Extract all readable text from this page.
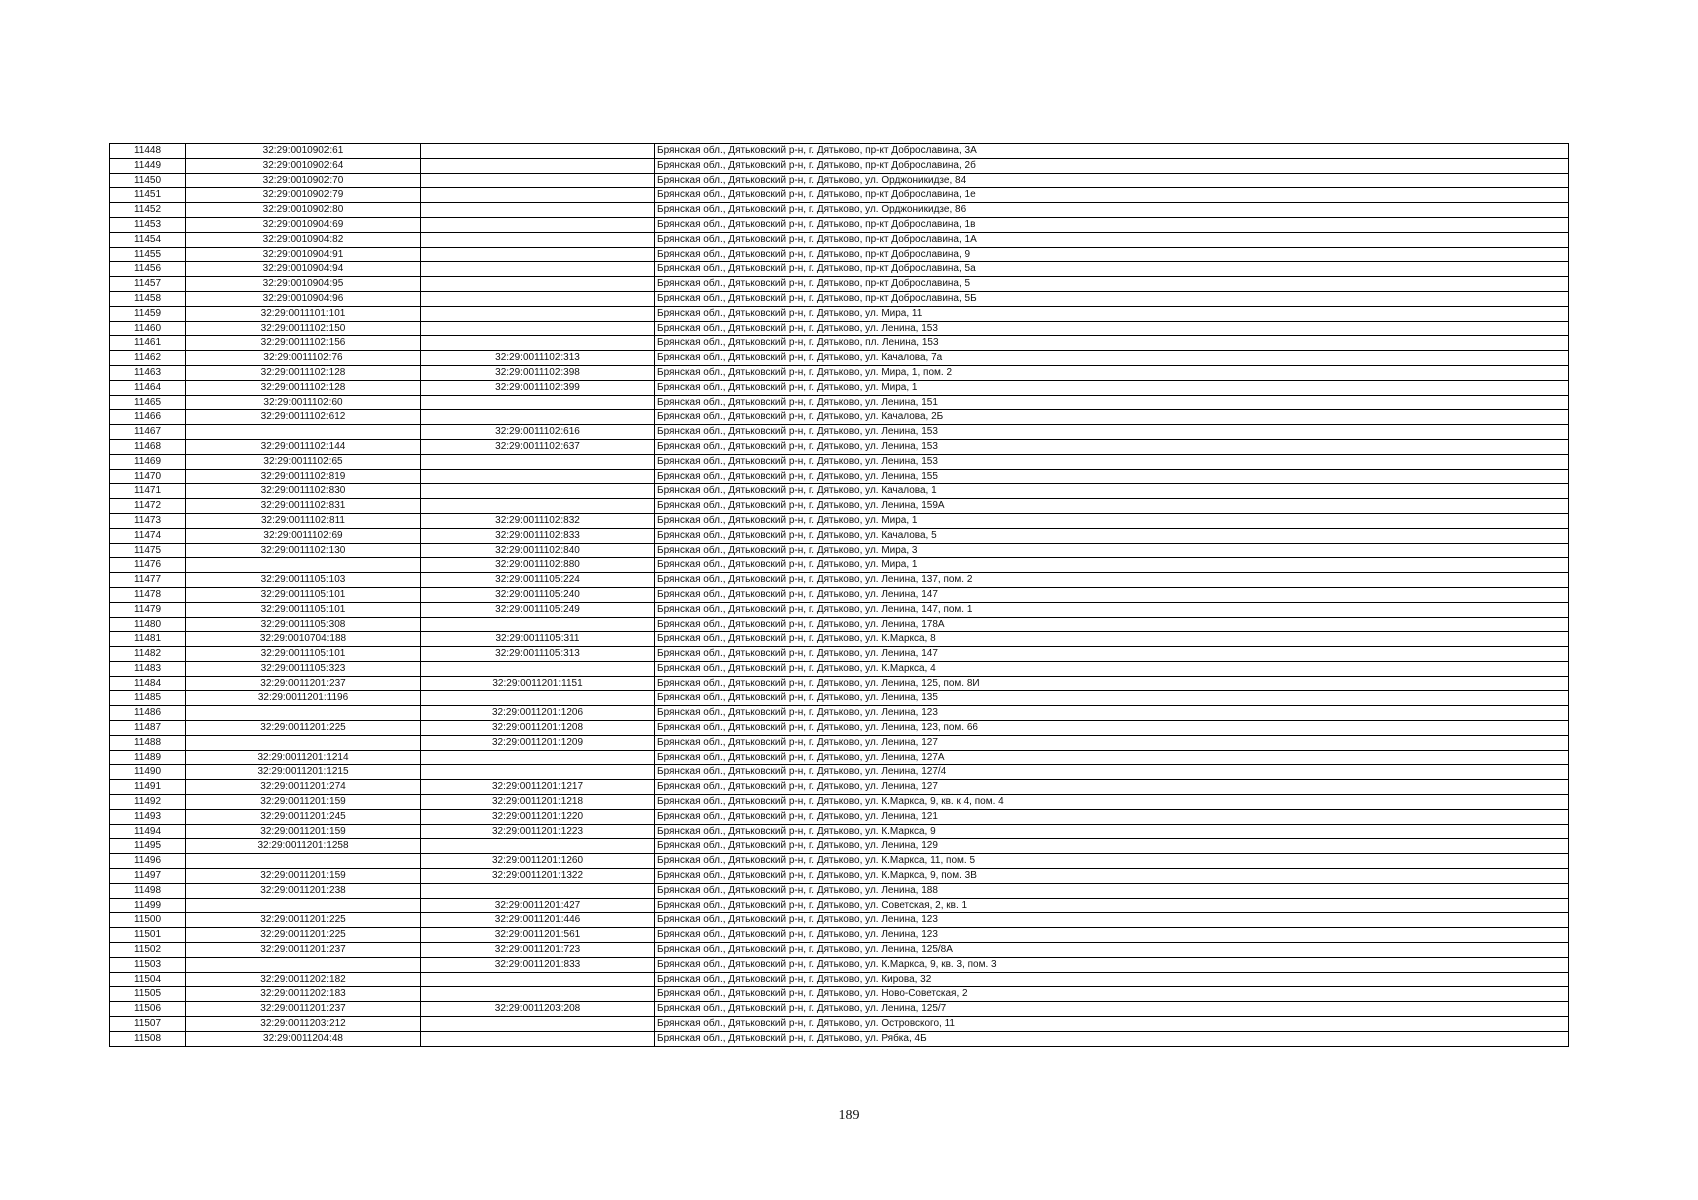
11448	32:29:0010902:61		Брянская обл., Дятьковский р-н, г. Дятьково, пр-кт Доброславина, 3А
11449	32:29:0010902:64		Брянская обл., Дятьковский р-н, г. Дятьково, пр-кт Доброславина, 2б
11450	32:29:0010902:70		Брянская обл., Дятьковский р-н, г. Дятьково, ул. Орджоникидзе, 84
11451	32:29:0010902:79		Брянская обл., Дятьковский р-н, г. Дятьково, пр-кт Доброславина, 1е
11452	32:29:0010902:80		Брянская обл., Дятьковский р-н, г. Дятьково, ул. Орджоникидзе, 86
11453	32:29:0010904:69		Брянская обл., Дятьковский р-н, г. Дятьково, пр-кт Доброславина, 1в
11454	32:29:0010904:82		Брянская обл., Дятьковский р-н, г. Дятьково, пр-кт Доброславина, 1А
11455	32:29:0010904:91		Брянская обл., Дятьковский р-н, г. Дятьково, пр-кт Доброславина, 9
11456	32:29:0010904:94		Брянская обл., Дятьковский р-н, г. Дятьково, пр-кт Доброславина, 5а
11457	32:29:0010904:95		Брянская обл., Дятьковский р-н, г. Дятьково, пр-кт Доброславина, 5
11458	32:29:0010904:96		Брянская обл., Дятьковский р-н, г. Дятьково, пр-кт Доброславина, 5Б
11459	32:29:0011101:101		Брянская обл., Дятьковский р-н, г. Дятьково, ул. Мира, 11
11460	32:29:0011102:150		Брянская обл., Дятьковский р-н, г. Дятьково, ул. Ленина, 153
11461	32:29:0011102:156		Брянская обл., Дятьковский р-н, г. Дятьково, пл. Ленина, 153
11462	32:29:0011102:76	32:29:0011102:313	Брянская обл., Дятьковский р-н, г. Дятьково, ул. Качалова, 7а
11463	32:29:0011102:128	32:29:0011102:398	Брянская обл., Дятьковский р-н, г. Дятьково, ул. Мира, 1, пом. 2
11464	32:29:0011102:128	32:29:0011102:399	Брянская обл., Дятьковский р-н, г. Дятьково, ул. Мира, 1
11465	32:29:0011102:60		Брянская обл., Дятьковский р-н, г. Дятьково, ул. Ленина, 151
11466	32:29:0011102:612		Брянская обл., Дятьковский р-н, г. Дятьково, ул. Качалова, 2Б
11467		32:29:0011102:616	Брянская обл., Дятьковский р-н, г. Дятьково, ул. Ленина, 153
11468	32:29:0011102:144	32:29:0011102:637	Брянская обл., Дятьковский р-н, г. Дятьково, ул. Ленина, 153
11469	32:29:0011102:65		Брянская обл., Дятьковский р-н, г. Дятьково, ул. Ленина, 153
11470	32:29:0011102:819		Брянская обл., Дятьковский р-н, г. Дятьково, ул. Ленина, 155
11471	32:29:0011102:830		Брянская обл., Дятьковский р-н, г. Дятьково, ул. Качалова, 1
11472	32:29:0011102:831		Брянская обл., Дятьковский р-н, г. Дятьково, ул. Ленина, 159А
11473	32:29:0011102:811	32:29:0011102:832	Брянская обл., Дятьковский р-н, г. Дятьково, ул. Мира, 1
11474	32:29:0011102:69	32:29:0011102:833	Брянская обл., Дятьковский р-н, г. Дятьково, ул. Качалова, 5
11475	32:29:0011102:130	32:29:0011102:840	Брянская обл., Дятьковский р-н, г. Дятьково, ул. Мира, 3
11476		32:29:0011102:880	Брянская обл., Дятьковский р-н, г. Дятьково, ул. Мира, 1
11477	32:29:0011105:103	32:29:0011105:224	Брянская обл., Дятьковский р-н, г. Дятьково, ул. Ленина, 137, пом. 2
11478	32:29:0011105:101	32:29:0011105:240	Брянская обл., Дятьковский р-н, г. Дятьково, ул. Ленина, 147
11479	32:29:0011105:101	32:29:0011105:249	Брянская обл., Дятьковский р-н, г. Дятьково, ул. Ленина, 147, пом. 1
11480	32:29:0011105:308		Брянская обл., Дятьковский р-н, г. Дятьково, ул. Ленина, 178А
11481	32:29:0010704:188	32:29:0011105:311	Брянская обл., Дятьковский р-н, г. Дятьково, ул. К.Маркса, 8
11482	32:29:0011105:101	32:29:0011105:313	Брянская обл., Дятьковский р-н, г. Дятьково, ул. Ленина, 147
11483	32:29:0011105:323		Брянская обл., Дятьковский р-н, г. Дятьково, ул. К.Маркса, 4
11484	32:29:0011201:237	32:29:0011201:1151	Брянская обл., Дятьковский р-н, г. Дятьково, ул. Ленина, 125, пом. 8И
11485	32:29:0011201:1196		Брянская обл., Дятьковский р-н, г. Дятьково, ул. Ленина, 135
11486		32:29:0011201:1206	Брянская обл., Дятьковский р-н, г. Дятьково, ул. Ленина, 123
11487	32:29:0011201:225	32:29:0011201:1208	Брянская обл., Дятьковский р-н, г. Дятьково, ул. Ленина, 123, пом. 66
11488		32:29:0011201:1209	Брянская обл., Дятьковский р-н, г. Дятьково, ул. Ленина, 127
11489	32:29:0011201:1214		Брянская обл., Дятьковский р-н, г. Дятьково, ул. Ленина, 127А
11490	32:29:0011201:1215		Брянская обл., Дятьковский р-н, г. Дятьково, ул. Ленина, 127/4
11491	32:29:0011201:274	32:29:0011201:1217	Брянская обл., Дятьковский р-н, г. Дятьково, ул. Ленина, 127
11492	32:29:0011201:159	32:29:0011201:1218	Брянская обл., Дятьковский р-н, г. Дятьково, ул. К.Маркса, 9, кв. к 4, пом. 4
11493	32:29:0011201:245	32:29:0011201:1220	Брянская обл., Дятьковский р-н, г. Дятьково, ул. Ленина, 121
11494	32:29:0011201:159	32:29:0011201:1223	Брянская обл., Дятьковский р-н, г. Дятьково, ул. К.Маркса, 9
11495	32:29:0011201:1258		Брянская обл., Дятьковский р-н, г. Дятьково, ул. Ленина, 129
11496		32:29:0011201:1260	Брянская обл., Дятьковский р-н, г. Дятьково, ул. К.Маркса, 11, пом. 5
11497	32:29:0011201:159	32:29:0011201:1322	Брянская обл., Дятьковский р-н, г. Дятьково, ул. К.Маркса, 9, пом. 3В
11498	32:29:0011201:238		Брянская обл., Дятьковский р-н, г. Дятьково, ул. Ленина, 188
11499		32:29:0011201:427	Брянская обл., Дятьковский р-н, г. Дятьково, ул. Советская, 2, кв. 1
11500	32:29:0011201:225	32:29:0011201:446	Брянская обл., Дятьковский р-н, г. Дятьково, ул. Ленина, 123
11501	32:29:0011201:225	32:29:0011201:561	Брянская обл., Дятьковский р-н, г. Дятьково, ул. Ленина, 123
11502	32:29:0011201:237	32:29:0011201:723	Брянская обл., Дятьковский р-н, г. Дятьково, ул. Ленина, 125/8А
11503		32:29:0011201:833	Брянская обл., Дятьковский р-н, г. Дятьково, ул. К.Маркса, 9, кв. 3, пом. 3
11504	32:29:0011202:182		Брянская обл., Дятьковский р-н, г. Дятьково, ул. Кирова, 32
11505	32:29:0011202:183		Брянская обл., Дятьковский р-н, г. Дятьково, ул. Ново-Советская, 2
11506	32:29:0011201:237	32:29:0011203:208	Брянская обл., Дятьковский р-н, г. Дятьково, ул. Ленина, 125/7
11507	32:29:0011203:212		Брянская обл., Дятьковский р-н, г. Дятьково, ул. Островского, 11
11508	32:29:0011204:48		Брянская обл., Дятьковский р-н, г. Дятьково, ул. Рябка, 4Б
189
